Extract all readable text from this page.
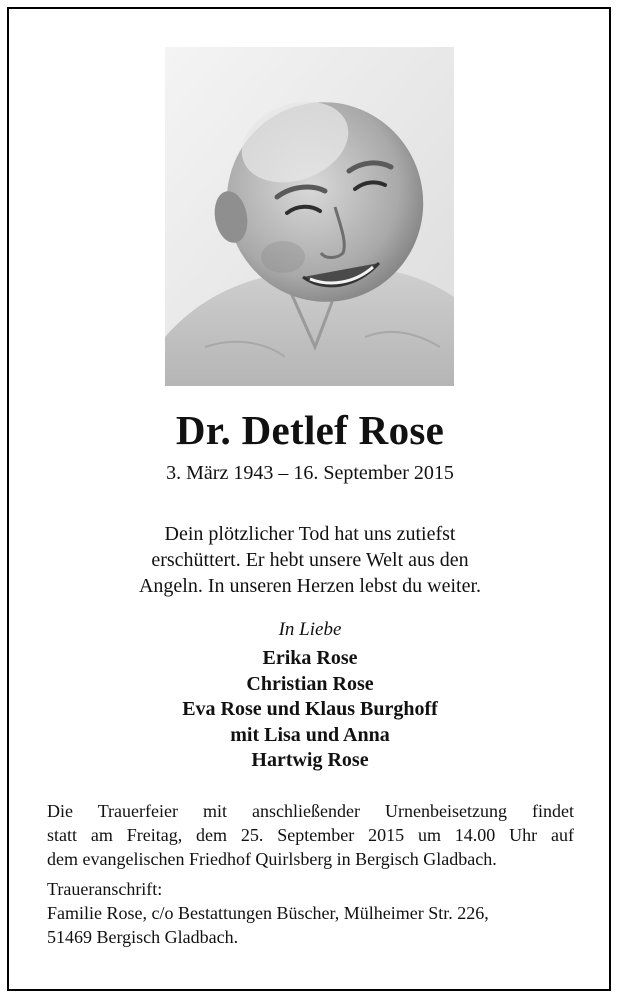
Dr. Detlef Rose
3. März 1943 – 16. September 2015
Dein plötzlicher Tod hat uns zutiefst
erschüttert. Er hebt unsere Welt aus den
Angeln. In unseren Herzen lebst du weiter.
In Liebe
Erika Rose
Christian Rose
Eva Rose und Klaus Burghoff
mit Lisa und Anna
Hartwig Rose
Die Trauerfeier mit anschließender Urnenbeisetzung findet
statt am Freitag, dem 25. September 2015 um 14.00 Uhr auf
dem evangelischen Friedhof Quirlsberg in Bergisch Gladbach.
Traueranschrift:
Familie Rose, c/o Bestattungen Büscher, Mülheimer Str. 226,
51469 Bergisch Gladbach.
